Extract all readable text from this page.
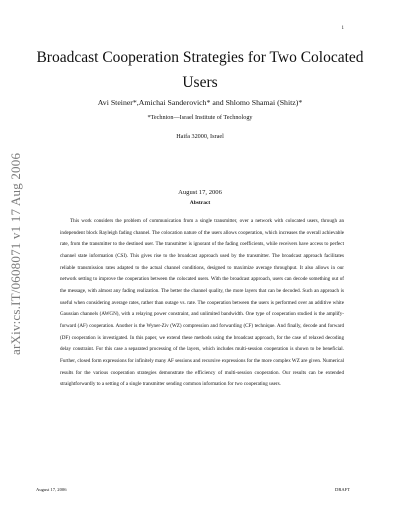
1
arXiv:cs.IT/0608071 v1 17 Aug 2006
Broadcast Cooperation Strategies for Two Colocated Users
Avi Steiner*,Amichai Sanderovich* and Shlomo Shamai (Shitz)*
*Technion—Israel Institute of Technology
Haifa 32000, Israel
August 17, 2006
Abstract

This work considers the problem of communication from a single transmitter, over a network with colocated users, through an independent block Rayleigh fading channel. The colocation nature of the users allows cooperation, which increases the overall achievable rate, from the transmitter to the destined user. The transmitter is ignorant of the fading coefficients, while receivers have access to perfect channel state information (CSI). This gives rise to the broadcast approach used by the transmitter. The broadcast approach facilitates reliable transmission rates adapted to the actual channel conditions, designed to maximize average throughput. It also allows in our network setting to improve the cooperation between the colocated users. With the broadcast approach, users can decode something out of the message, with almost any fading realization. The better the channel quality, the more layers that can be decoded. Such an approach is useful when considering average rates, rather than outage vs. rate. The cooperation between the users is performed over an additive white Gaussian channels (AWGN), with a relaying power constraint, and unlimited bandwidth. One type of cooperation studied is the amplify-forward (AF) cooperation. Another is the Wyner-Ziv (WZ) compression and forwarding (CF) technique. And finally, decode and forward (DF) cooperation is investigated. In this paper, we extend these methods using the broadcast approach, for the case of relaxed decoding delay constraint. For this case a separated processing of the layers, which includes multi-session cooperation is shown to be beneficial. Further, closed form expressions for infinitely many AF sessions and recursive expressions for the more complex WZ are given. Numerical results for the various cooperation strategies demonstrate the efficiency of multi-session cooperation. Our results can be extended straightforwardly to a setting of a single transmitter sending common information for two cooperating users.

August 17, 2006	DRAFT
